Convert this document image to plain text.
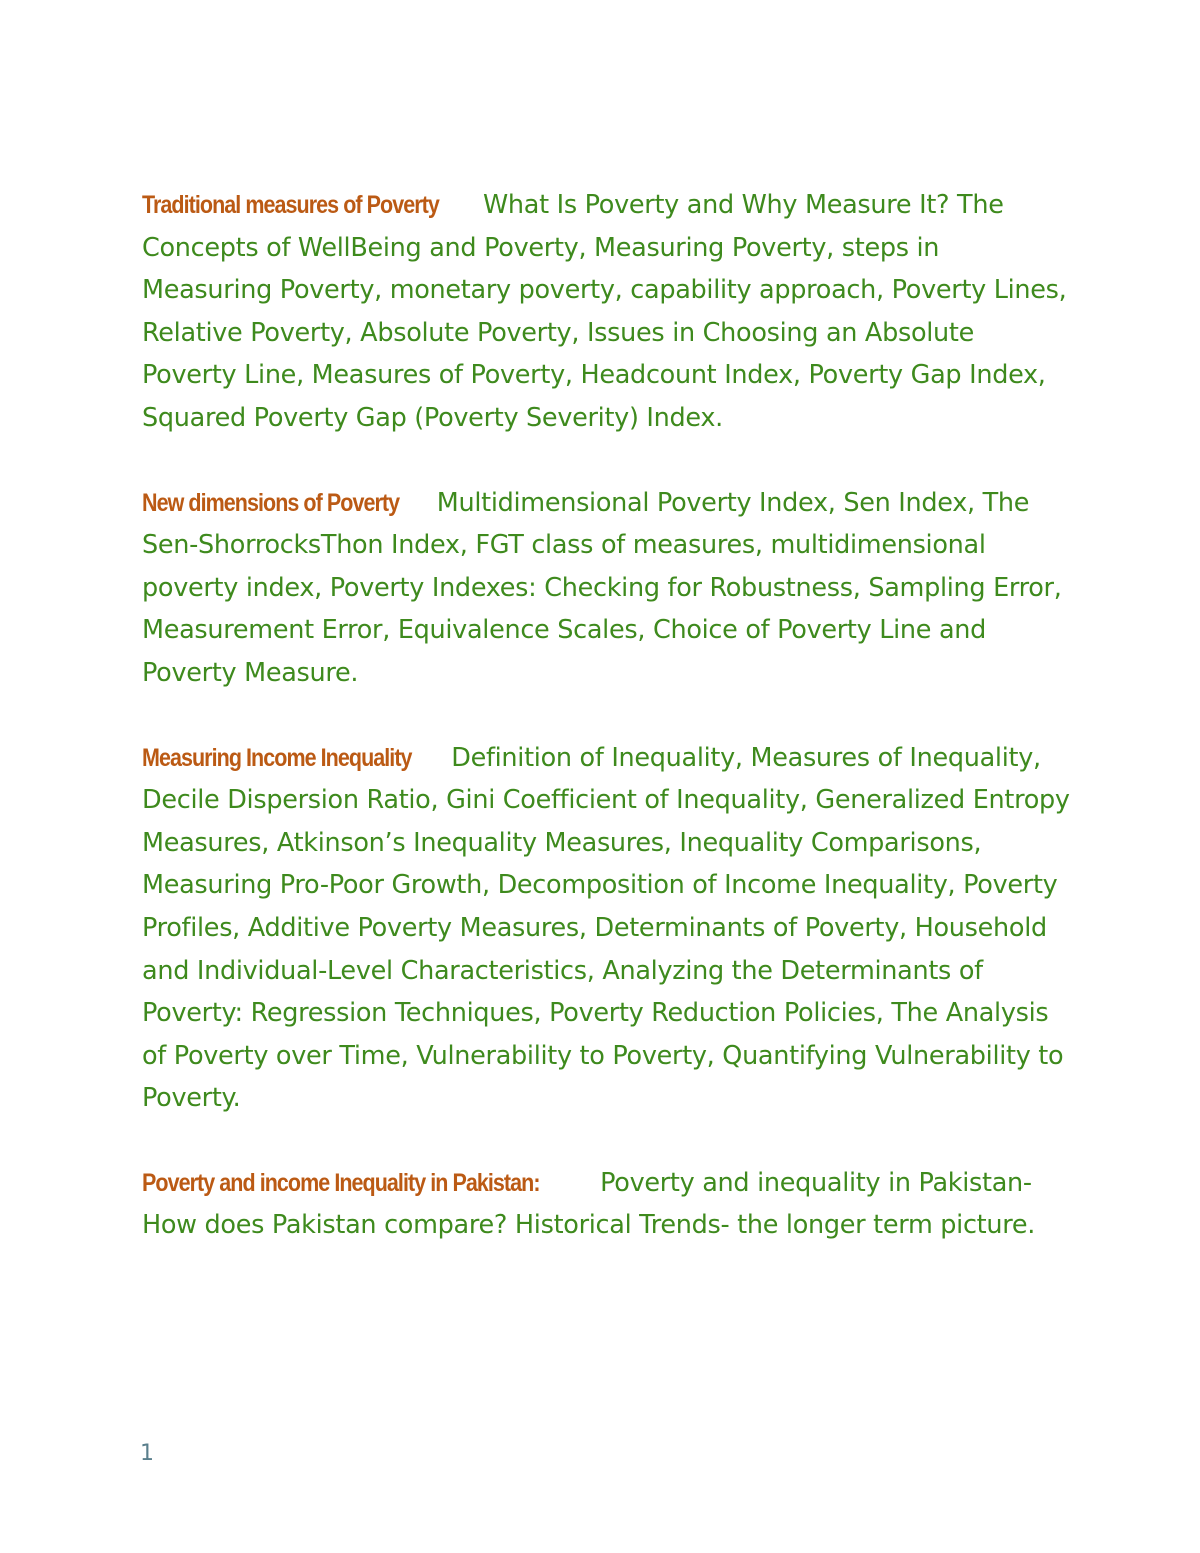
Traditional measures of Poverty What Is Poverty and Why Measure It? The Concepts of WellBeing and Poverty, Measuring Poverty, steps in Measuring Poverty, monetary poverty, capability approach, Poverty Lines, Relative Poverty, Absolute Poverty, Issues in Choosing an Absolute Poverty Line, Measures of Poverty, Headcount Index, Poverty Gap Index, Squared Poverty Gap (Poverty Severity) Index.

New dimensions of Poverty Multidimensional Poverty Index, Sen Index, The Sen-ShorrocksThon Index, FGT class of measures, multidimensional poverty index, Poverty Indexes: Checking for Robustness, Sampling Error, Measurement Error, Equivalence Scales, Choice of Poverty Line and Poverty Measure.

Measuring Income Inequality Definition of Inequality, Measures of Inequality, Decile Dispersion Ratio, Gini Coefficient of Inequality, Generalized Entropy Measures, Atkinson’s Inequality Measures, Inequality Comparisons, Measuring Pro-Poor Growth, Decomposition of Income Inequality, Poverty Profiles, Additive Poverty Measures, Determinants of Poverty, Household and Individual-Level Characteristics, Analyzing the Determinants of Poverty: Regression Techniques, Poverty Reduction Policies, The Analysis of Poverty over Time, Vulnerability to Poverty, Quantifying Vulnerability to Poverty.

Poverty and income Inequality in Pakistan: Poverty and inequality in Pakistan- How does Pakistan compare? Historical Trends- the longer term picture.

1
